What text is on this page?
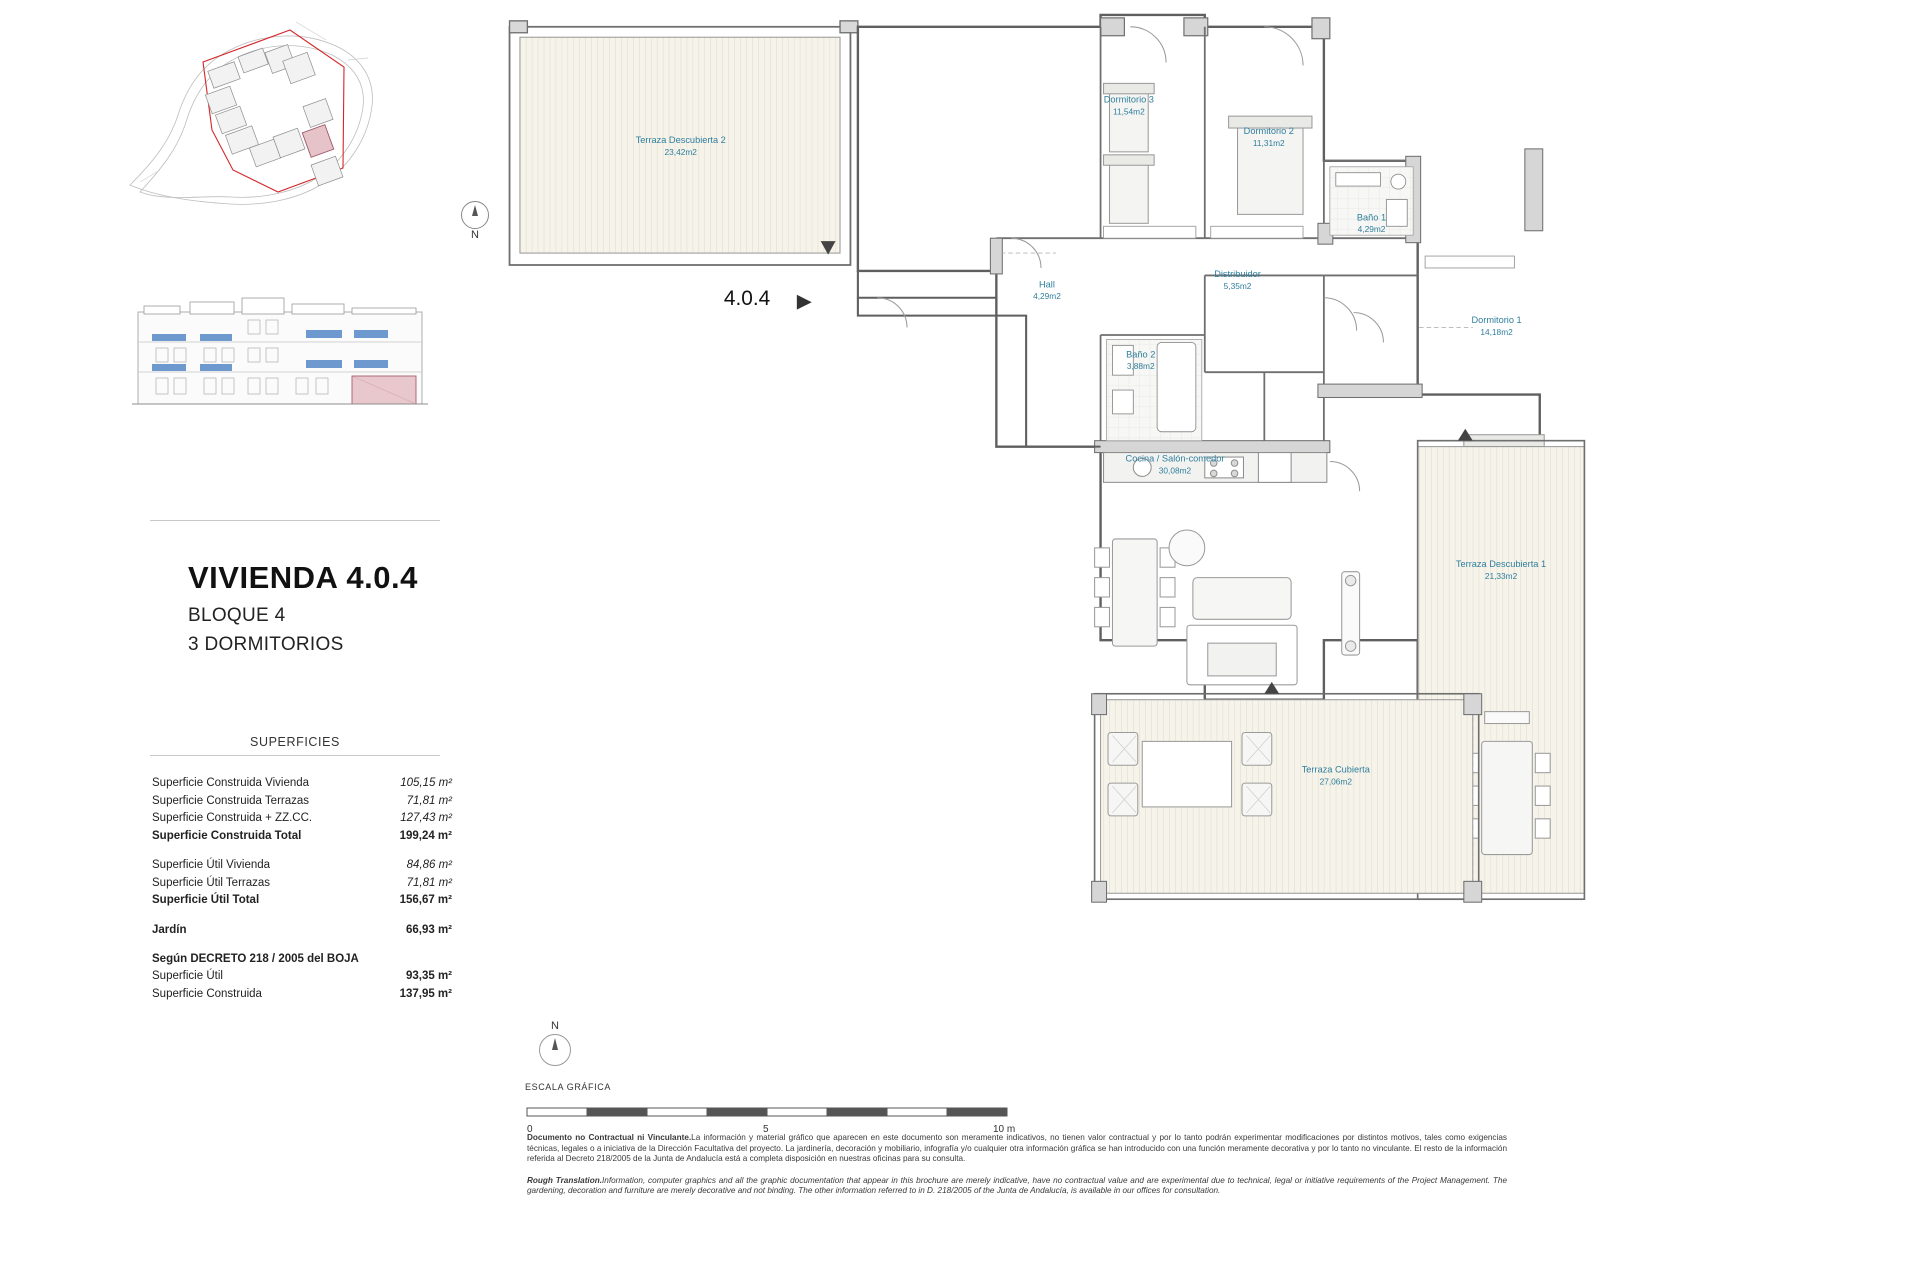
N
VIVIENDA 4.0.4
BLOQUE 4
3 DORMITORIOS
SUPERFICIES
Superficie Construida Vivienda	105,15 m²
Superficie Construida Terrazas	71,81 m²
Superficie Construida + ZZ.CC.	127,43 m²
Superficie Construida Total	199,24 m²
Superficie Útil Vivienda	84,86 m²
Superficie Útil Terrazas	71,81 m²
Superficie Útil Total	156,67 m²
Jardín	66,93 m²
Según DECRETO 218 / 2005 del BOJA
Superficie Útil	93,35 m²
Superficie Construida	137,95 m²
4.0.4
Terraza Descubierta 2
23,42m2
Dormitorio 3
11,54m2
Dormitorio 2
11,31m2
Baño 1
4,29m2
Distribuidor
5,35m2
Hall
4,29m2
Dormitorio 1
14,18m2
Baño 2
3,88m2
Cocina / Salón-comedor
30,08m2
Terraza Descubierta 1
21,33m2
Terraza Cubierta
27,06m2
N
ESCALA GRÁFICA
0	5	10 m
Documento no Contractual ni Vinculante.La información y material gráfico que aparecen en este documento son meramente indicativos, no tienen valor contractual y por lo tanto podrán experimentar modificaciones por distintos motivos, tales como exigencias técnicas, legales o a iniciativa de la Dirección Facultativa del proyecto. La jardinería, decoración y mobiliario, infografía y/o cualquier otra información gráfica se han introducido con una función meramente decorativa y por lo tanto no vinculante. El resto de la información referida al Decreto 218/2005 de la Junta de Andalucía está a completa disposición en nuestras oficinas para su consulta.
Rough Translation.Information, computer graphics and all the graphic documentation that appear in this brochure are merely indicative, have no contractual value and are experimental due to technical, legal or initiative requirements of the Project Management. The gardening, decoration and furniture are merely decorative and not binding. The other information referred to in D. 218/2005 of the Junta de Andalucía, is available in our offices for consultation.
